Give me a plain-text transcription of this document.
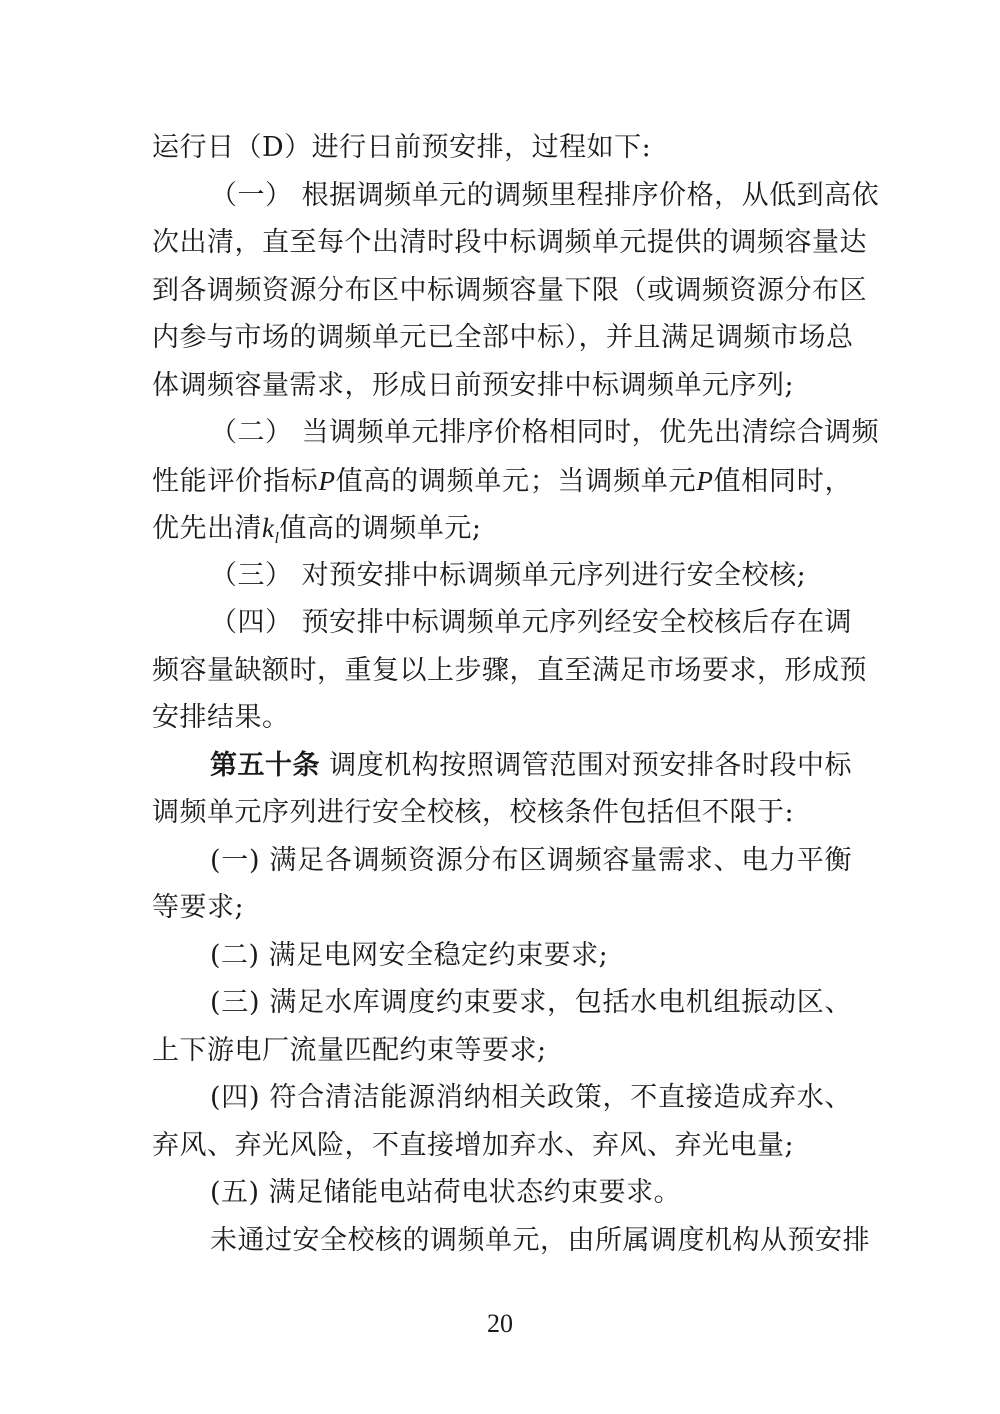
运行日（D）进行日前预安排，过程如下:
（一） 根据调频单元的调频里程排序价格，从低到高依
次出清，直至每个出清时段中标调频单元提供的调频容量达
到各调频资源分布区中标调频容量下限（或调频资源分布区
内参与市场的调频单元已全部中标），并且满足调频市场总
体调频容量需求，形成日前预安排中标调频单元序列;
（二） 当调频单元排序价格相同时，优先出清综合调频
性能评价指标P值高的调频单元；当调频单元P值相同时，
优先出清$k_l$值高的调频单元;
（三） 对预安排中标调频单元序列进行安全校核;
（四） 预安排中标调频单元序列经安全校核后存在调
频容量缺额时，重复以上步骤，直至满足市场要求，形成预
安排结果。
第五十条 调度机构按照调管范围对预安排各时段中标
调频单元序列进行安全校核，校核条件包括但不限于:
(一) 满足各调频资源分布区调频容量需求、电力平衡
等要求;
(二) 满足电网安全稳定约束要求;
(三) 满足水库调度约束要求，包括水电机组振动区、
上下游电厂流量匹配约束等要求;
(四) 符合清洁能源消纳相关政策，不直接造成弃水、
弃风、弃光风险，不直接增加弃水、弃风、弃光电量;
(五) 满足储能电站荷电状态约束要求。
未通过安全校核的调频单元，由所属调度机构从预安排
20
